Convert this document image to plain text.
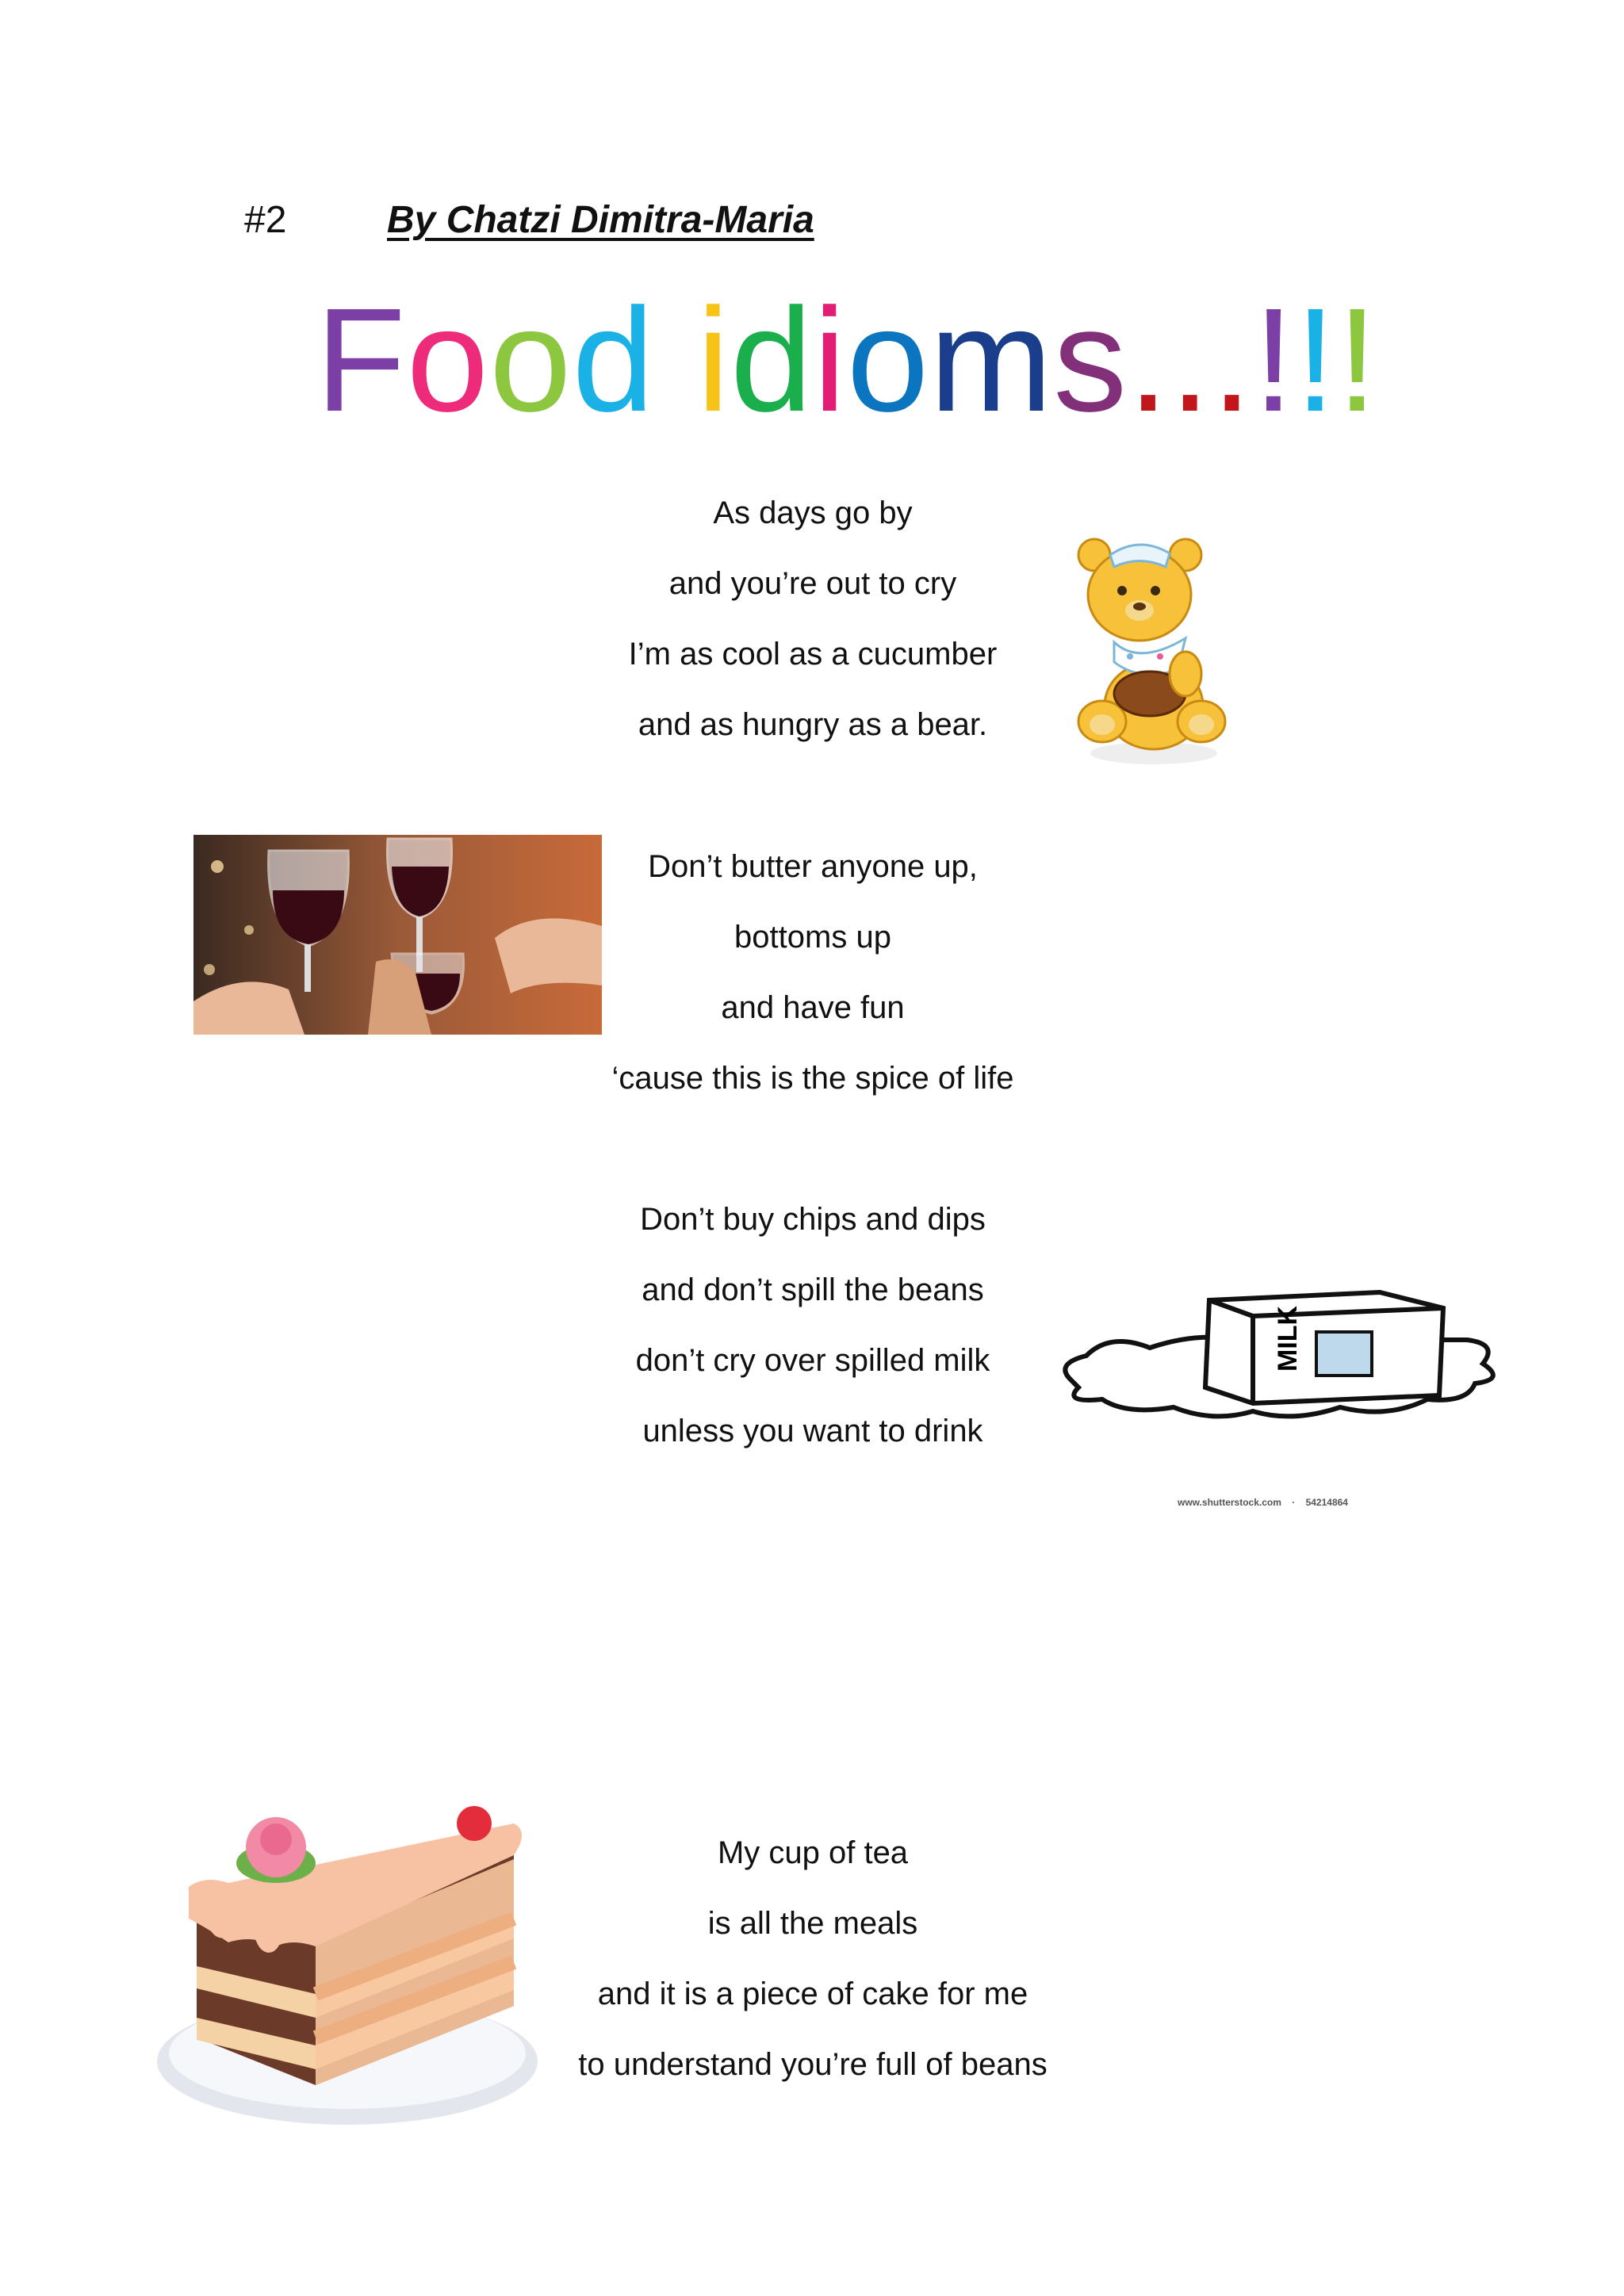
#2	By Chatzi Dimitra-Maria
Food idioms...!!!
As days go by
and you’re out to cry
I’m as cool as a cucumber
and as hungry as a bear.
Don’t butter anyone up,
bottoms up
and have fun
‘cause this is the spice of life
Don’t buy chips and dips
and don’t spill the beans
don’t cry over spilled milk
unless you want to drink
My cup of tea
is all the meals
and it is a piece of cake for me
to understand you’re full of beans
MILK
www.shutterstock.com · 54214864
